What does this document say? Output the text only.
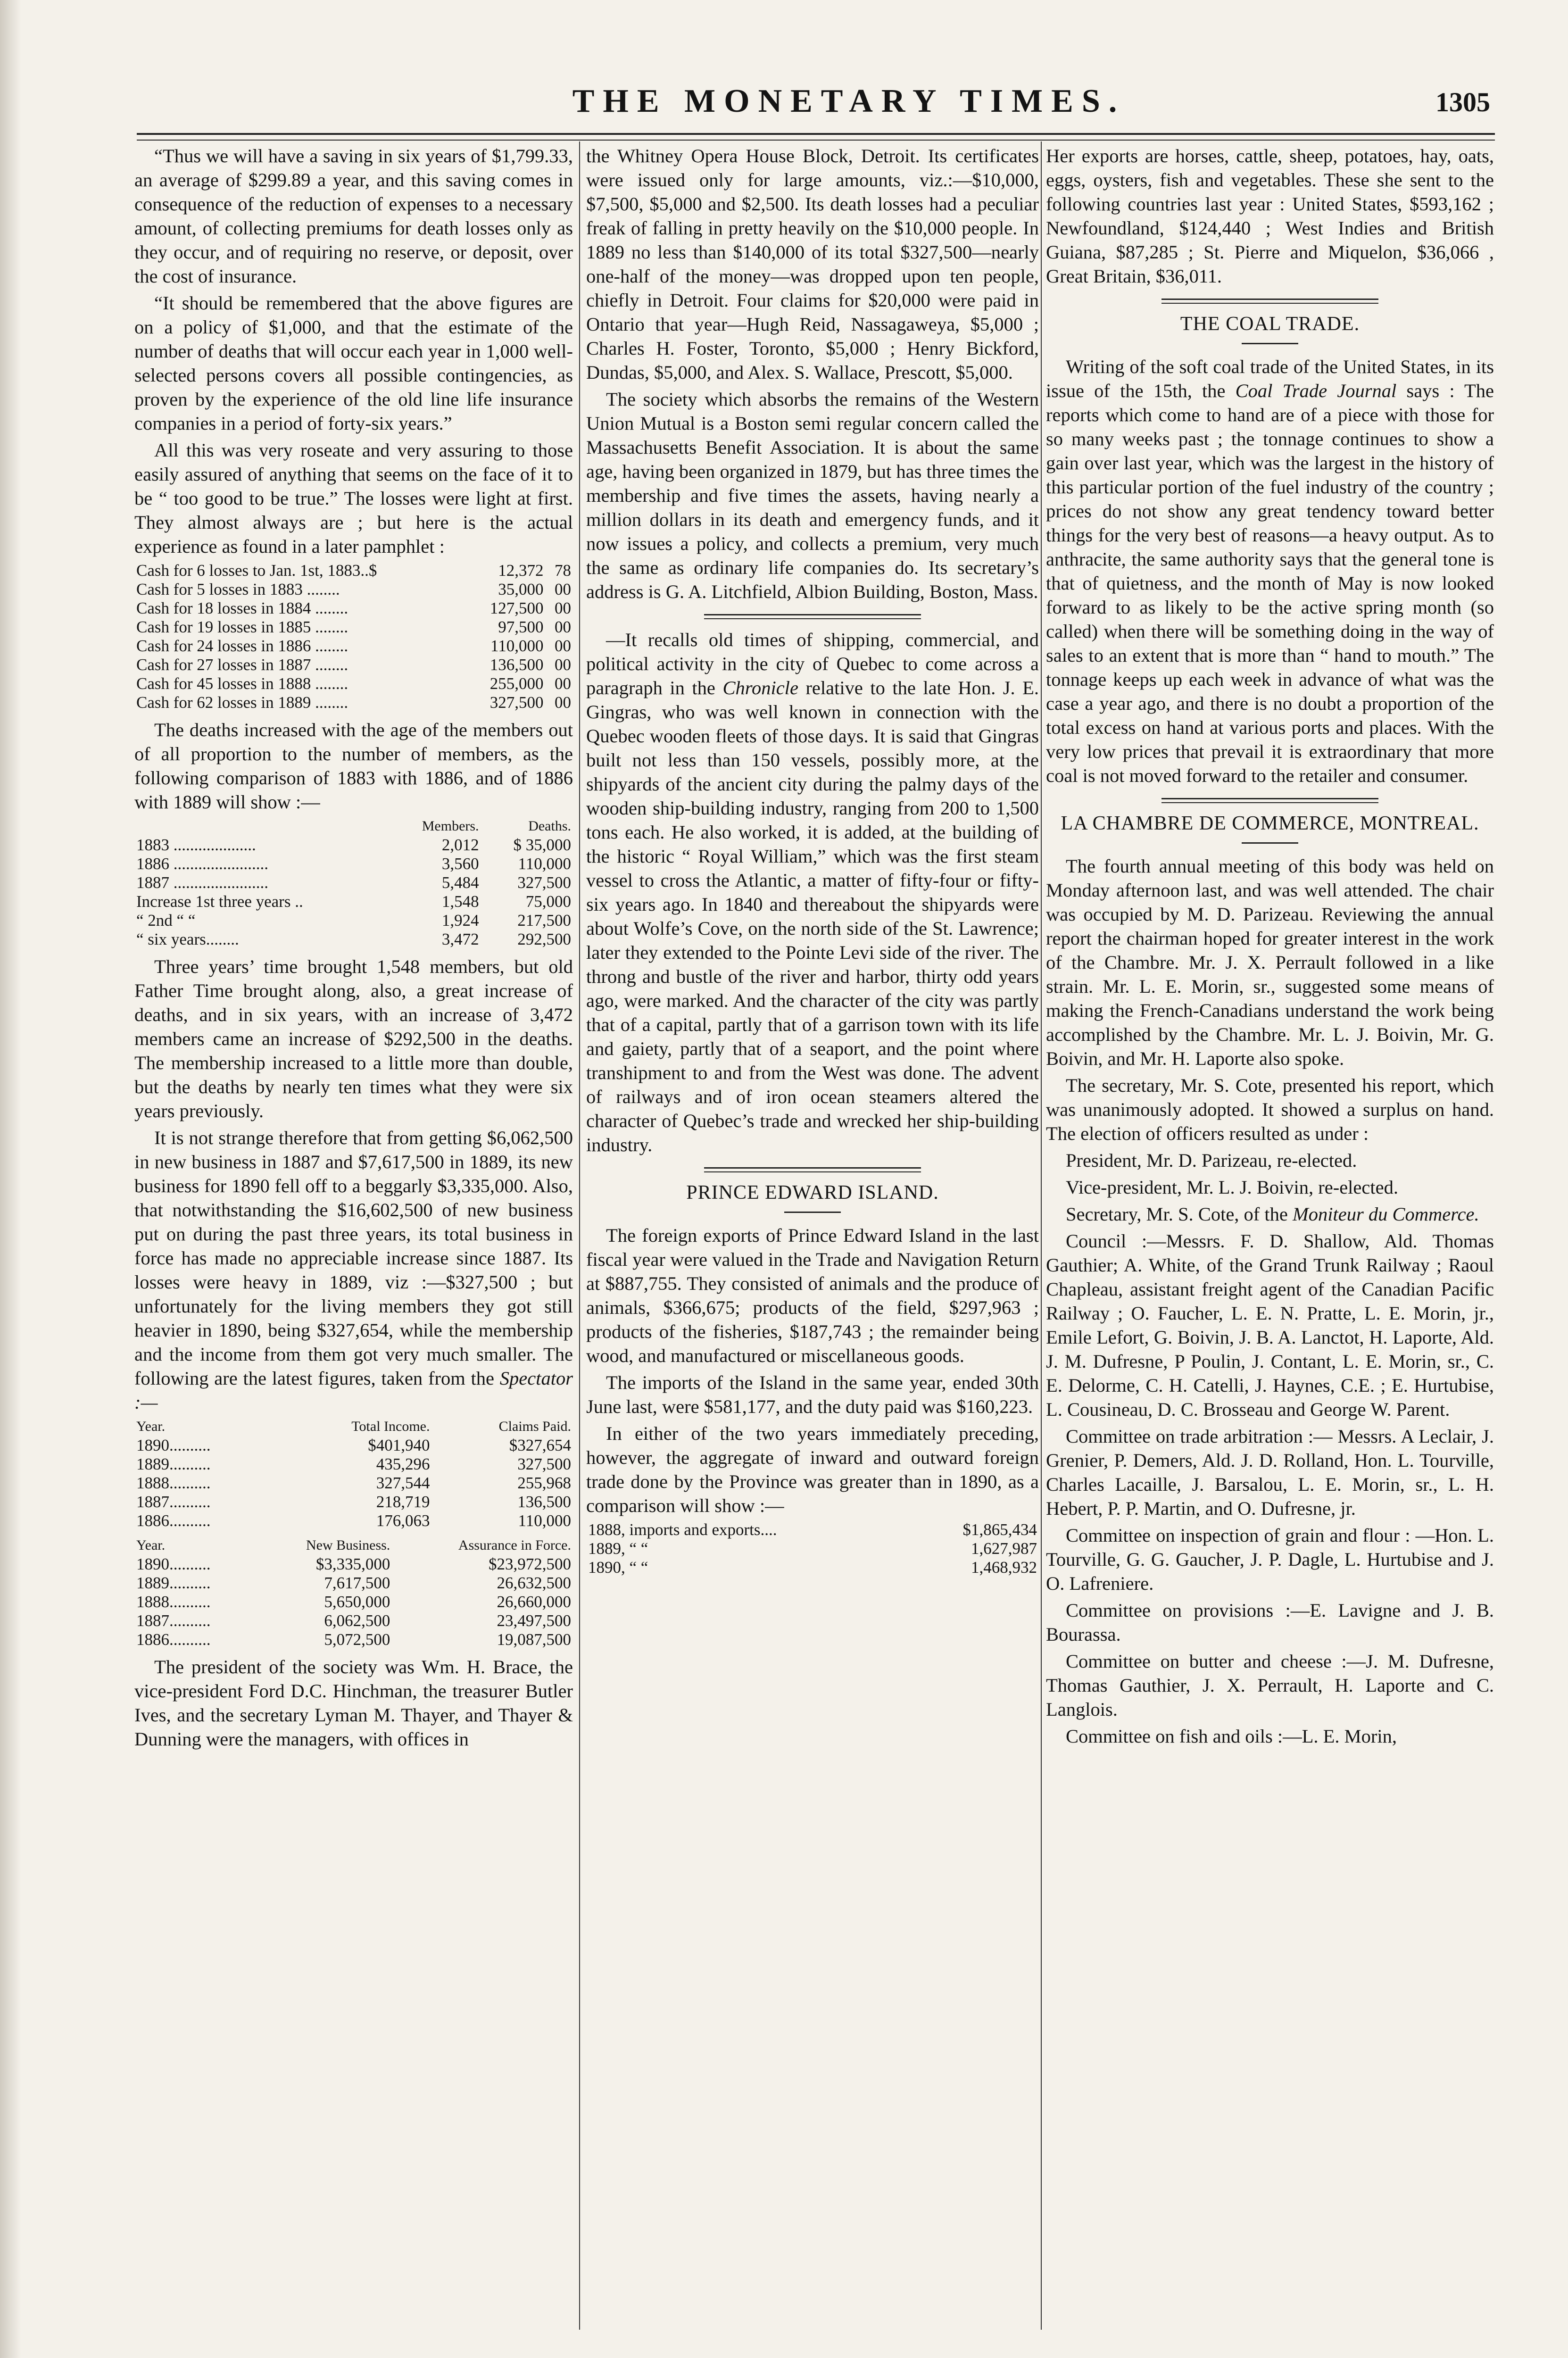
THE MONETARY TIMES.	1305

“Thus we will have a saving in six years of $1,799.33, an average of $299.89 a year, and this saving comes in consequence of the reduction of expenses to a necessary amount, of collecting premiums for death losses only as they occur, and of requiring no reserve, or deposit, over the cost of insurance.

“It should be remembered that the above figures are on a policy of $1,000, and that the estimate of the number of deaths that will occur each year in 1,000 well-selected persons covers all possible contingencies, as proven by the experience of the old line life insurance companies in a period of forty-six years.”

All this was very roseate and very assuring to those easily assured of anything that seems on the face of it to be “ too good to be true.” The losses were light at first. They almost always are ; but here is the actual experience as found in a later pamphlet :

Cash for 6 losses to Jan. 1st, 1883..$	12,372	78
Cash for 5 losses in 1883 ........	35,000	00
Cash for 18 losses in 1884 ........	127,500	00
Cash for 19 losses in 1885 ........	97,500	00
Cash for 24 losses in 1886 ........	110,000	00
Cash for 27 losses in 1887 ........	136,500	00
Cash for 45 losses in 1888 ........	255,000	00
Cash for 62 losses in 1889 ........	327,500	00

The deaths increased with the age of the members out of all proportion to the number of members, as the following comparison of 1883 with 1886, and of 1886 with 1889 will show :—

	Members.	Deaths.
1883 ....................	2,012	$ 35,000
1886 .......................	3,560	110,000
1887 .......................	5,484	327,500
Increase 1st three years ..	1,548	75,000
“ 2nd “ “	1,924	217,500
“ six years........	3,472	292,500

Three years’ time brought 1,548 members, but old Father Time brought along, also, a great increase of deaths, and in six years, with an increase of 3,472 members came an increase of $292,500 in the deaths. The membership increased to a little more than double, but the deaths by nearly ten times what they were six years previously.

It is not strange therefore that from getting $6,062,500 in new business in 1887 and $7,617,500 in 1889, its new business for 1890 fell off to a beggarly $3,335,000. Also, that notwithstanding the $16,602,500 of new business put on during the past three years, its total business in force has made no appreciable increase since 1887. Its losses were heavy in 1889, viz :—$327,500 ; but unfortunately for the living members they got still heavier in 1890, being $327,654, while the membership and the income from them got very much smaller. The following are the latest figures, taken from the Spectator :—

Year.	Total Income.	Claims Paid.
1890..........	$401,940	$327,654
1889..........	435,296	327,500
1888..........	327,544	255,968
1887..........	218,719	136,500
1886..........	176,063	110,000
Year.	New Business.	Assurance in Force.
1890..........	$3,335,000	$23,972,500
1889..........	7,617,500	26,632,500
1888..........	5,650,000	26,660,000
1887..........	6,062,500	23,497,500
1886..........	5,072,500	19,087,500

The president of the society was Wm. H. Brace, the vice-president Ford D.C. Hinchman, the treasurer Butler Ives, and the secretary Lyman M. Thayer, and Thayer & Dunning were the managers, with offices in

the Whitney Opera House Block, Detroit. Its certificates were issued only for large amounts, viz.:—$10,000, $7,500, $5,000 and $2,500. Its death losses had a peculiar freak of falling in pretty heavily on the $10,000 people. In 1889 no less than $140,000 of its total $327,500—nearly one-half of the money—was dropped upon ten people, chiefly in Detroit. Four claims for $20,000 were paid in Ontario that year—Hugh Reid, Nassagaweya, $5,000 ; Charles H. Foster, Toronto, $5,000 ; Henry Bickford, Dundas, $5,000, and Alex. S. Wallace, Prescott, $5,000.

The society which absorbs the remains of the Western Union Mutual is a Boston semi regular concern called the Massachusetts Benefit Association. It is about the same age, having been organized in 1879, but has three times the membership and five times the assets, having nearly a million dollars in its death and emergency funds, and it now issues a policy, and collects a premium, very much the same as ordinary life companies do. Its secretary’s address is G. A. Litchfield, Albion Building, Boston, Mass.

—It recalls old times of shipping, commercial, and political activity in the city of Quebec to come across a paragraph in the Chronicle relative to the late Hon. J. E. Gingras, who was well known in connection with the Quebec wooden fleets of those days. It is said that Gingras built not less than 150 vessels, possibly more, at the shipyards of the ancient city during the palmy days of the wooden ship-building industry, ranging from 200 to 1,500 tons each. He also worked, it is added, at the building of the historic “ Royal William,” which was the first steam vessel to cross the Atlantic, a matter of fifty-four or fifty-six years ago. In 1840 and thereabout the shipyards were about Wolfe’s Cove, on the north side of the St. Lawrence; later they extended to the Pointe Levi side of the river. The throng and bustle of the river and harbor, thirty odd years ago, were marked. And the character of the city was partly that of a capital, partly that of a garrison town with its life and gaiety, partly that of a seaport, and the point where transhipment to and from the West was done. The advent of railways and of iron ocean steamers altered the character of Quebec’s trade and wrecked her ship-building industry.

PRINCE EDWARD ISLAND.

The foreign exports of Prince Edward Island in the last fiscal year were valued in the Trade and Navigation Return at $887,755. They consisted of animals and the produce of animals, $366,675; products of the field, $297,963 ; products of the fisheries, $187,743 ; the remainder being wood, and manufactured or miscellaneous goods.

The imports of the Island in the same year, ended 30th June last, were $581,177, and the duty paid was $160,223.

In either of the two years immediately preceding, however, the aggregate of inward and outward foreign trade done by the Province was greater than in 1890, as a comparison will show :—

1888, imports and exports....	$1,865,434
1889, “ “	1,627,987
1890, “ “	1,468,932

Her exports are horses, cattle, sheep, potatoes, hay, oats, eggs, oysters, fish and vegetables. These she sent to the following countries last year : United States, $593,162 ; Newfoundland, $124,440 ; West Indies and British Guiana, $87,285 ; St. Pierre and Miquelon, $36,066 , Great Britain, $36,011.

THE COAL TRADE.

Writing of the soft coal trade of the United States, in its issue of the 15th, the Coal Trade Journal says : The reports which come to hand are of a piece with those for so many weeks past ; the tonnage continues to show a gain over last year, which was the largest in the history of this particular portion of the fuel industry of the country ; prices do not show any great tendency toward better things for the very best of reasons—a heavy output. As to anthracite, the same authority says that the general tone is that of quietness, and the month of May is now looked forward to as likely to be the active spring month (so called) when there will be something doing in the way of sales to an extent that is more than “ hand to mouth.” The tonnage keeps up each week in advance of what was the case a year ago, and there is no doubt a proportion of the total excess on hand at various ports and places. With the very low prices that prevail it is extraordinary that more coal is not moved forward to the retailer and consumer.

LA CHAMBRE DE COMMERCE, MONTREAL.

The fourth annual meeting of this body was held on Monday afternoon last, and was well attended. The chair was occupied by M. D. Parizeau. Reviewing the annual report the chairman hoped for greater interest in the work of the Chambre. Mr. J. X. Perrault followed in a like strain. Mr. L. E. Morin, sr., suggested some means of making the French-Canadians understand the work being accomplished by the Chambre. Mr. L. J. Boivin, Mr. G. Boivin, and Mr. H. Laporte also spoke.

The secretary, Mr. S. Cote, presented his report, which was unanimously adopted. It showed a surplus on hand. The election of officers resulted as under :

President, Mr. D. Parizeau, re-elected.

Vice-president, Mr. L. J. Boivin, re-elected.

Secretary, Mr. S. Cote, of the Moniteur du Commerce.

Council :—Messrs. F. D. Shallow, Ald. Thomas Gauthier; A. White, of the Grand Trunk Railway ; Raoul Chapleau, assistant freight agent of the Canadian Pacific Railway ; O. Faucher, L. E. N. Pratte, L. E. Morin, jr., Emile Lefort, G. Boivin, J. B. A. Lanctot, H. Laporte, Ald. J. M. Dufresne, P Poulin, J. Contant, L. E. Morin, sr., C. E. Delorme, C. H. Catelli, J. Haynes, C.E. ; E. Hurtubise, L. Cousineau, D. C. Brosseau and George W. Parent.

Committee on trade arbitration :— Messrs. A Leclair, J. Grenier, P. Demers, Ald. J. D. Rolland, Hon. L. Tourville, Charles Lacaille, J. Barsalou, L. E. Morin, sr., L. H. Hebert, P. P. Martin, and O. Dufresne, jr.

Committee on inspection of grain and flour : —Hon. L. Tourville, G. G. Gaucher, J. P. Dagle, L. Hurtubise and J. O. Lafreniere.

Committee on provisions :—E. Lavigne and J. B. Bourassa.

Committee on butter and cheese :—J. M. Dufresne, Thomas Gauthier, J. X. Perrault, H. Laporte and C. Langlois.

Committee on fish and oils :—L. E. Morin,
